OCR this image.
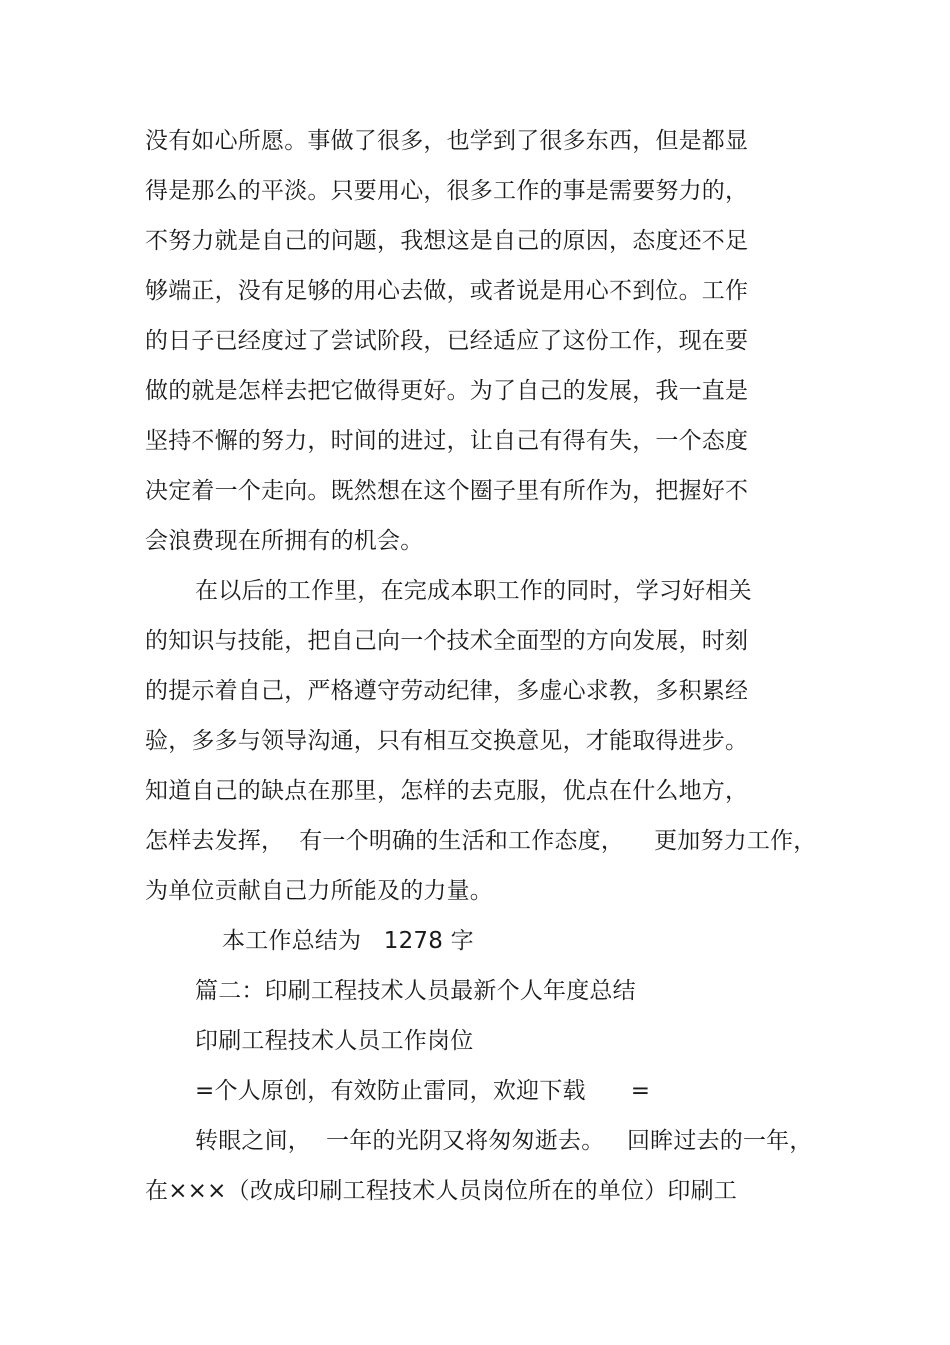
没有如心所愿。事做了很多，也学到了很多东西，但是都显
得是那么的平淡。只要用心，很多工作的事是需要努力的，
不努力就是自己的问题，我想这是自己的原因，态度还不足
够端正，没有足够的用心去做，或者说是用心不到位。工作
的日子已经度过了尝试阶段，已经适应了这份工作，现在要
做的就是怎样去把它做得更好。为了自己的发展，我一直是
坚持不懈的努力，时间的进过，让自己有得有失，一个态度
决定着一个走向。既然想在这个圈子里有所作为，把握好不
会浪费现在所拥有的机会。
在以后的工作里，在完成本职工作的同时，学习好相关
的知识与技能，把自己向一个技术全面型的方向发展，时刻
的提示着自己，严格遵守劳动纪律，多虚心求教，多积累经
验，多多与领导沟通，只有相互交换意见，才能取得进步。
知道自己的缺点在那里，怎样的去克服，优点在什么地方，
怎样去发挥，  有一个明确的生活和工作态度，    更加努力工作，
为单位贡献自己力所能及的力量。
本工作总结为   1278 字
篇二：印刷工程技术人员最新个人年度总结
印刷工程技术人员工作岗位
=个人原创，有效防止雷同，欢迎下载      =
转眼之间，  一年的光阴又将匆匆逝去。   回眸过去的一年，
在×××（改成印刷工程技术人员岗位所在的单位）印刷工
